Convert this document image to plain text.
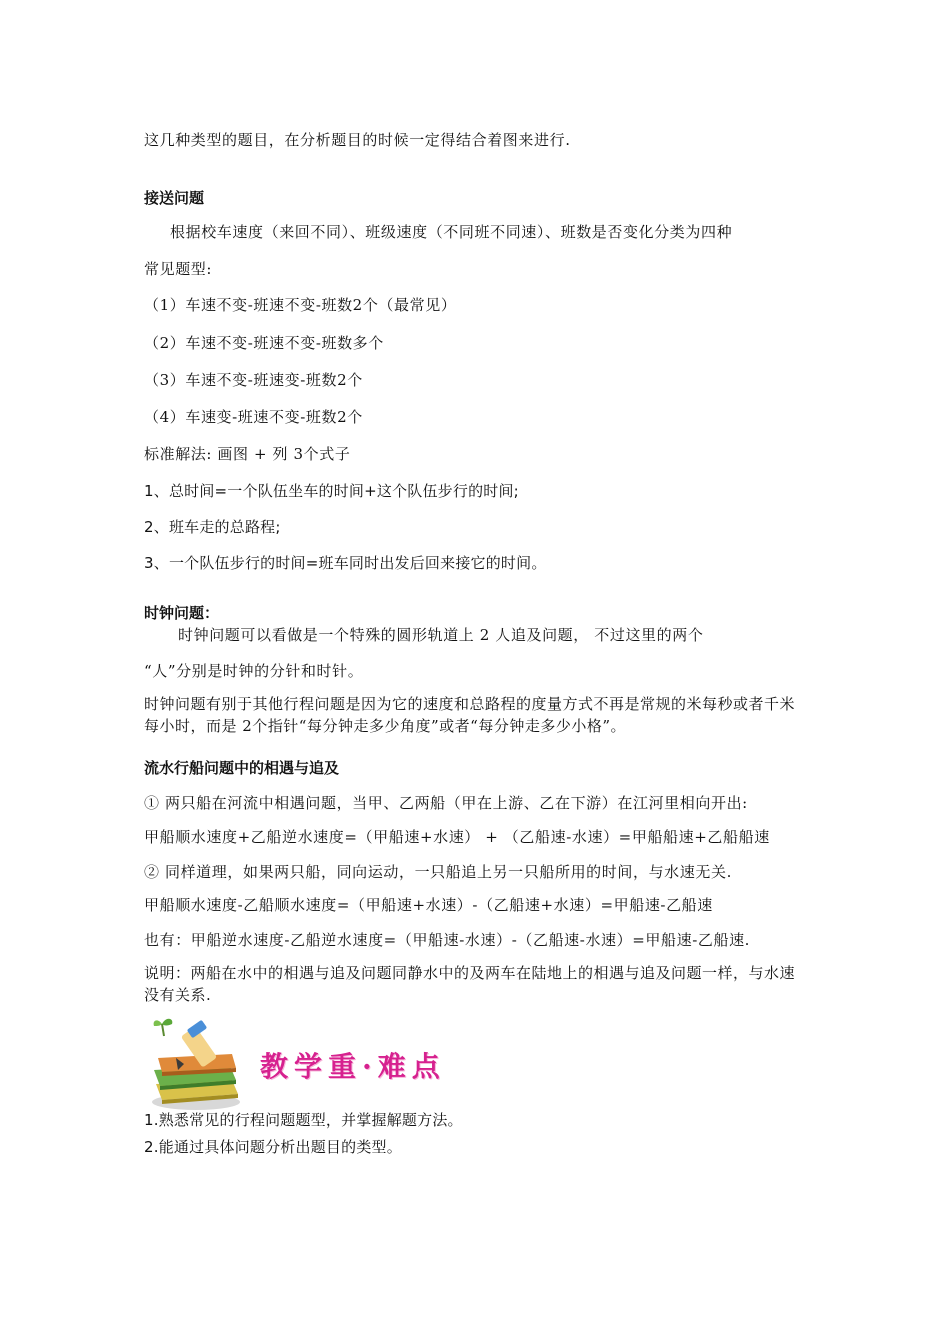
这几种类型的题目，在分析题目的时候一定得结合着图来进行.
接送问题
根据校车速度（来回不同）、班级速度（不同班不同速）、班数是否变化分类为四种
常见题型:
（1）车速不变-班速不变-班数2个（最常见）
（2）车速不变-班速不变-班数多个
（3）车速不变-班速变-班数2个
（4）车速变-班速不变-班数2个
标准解法: 画图 + 列 3个式子
1、总时间=一个队伍坐车的时间+这个队伍步行的时间;
2、班车走的总路程;
3、一个队伍步行的时间=班车同时出发后回来接它的时间。
时钟问题：
时钟问题可以看做是一个特殊的圆形轨道上 2 人追及问题， 不过这里的两个
“人”分别是时钟的分针和时针。
时钟问题有别于其他行程问题是因为它的速度和总路程的度量方式不再是常规的米每秒或者千米每小时，而是 2个指针“每分钟走多少角度”或者“每分钟走多少小格”。
流水行船问题中的相遇与追及
① 两只船在河流中相遇问题，当甲、乙两船（甲在上游、乙在下游）在江河里相向开出:
甲船顺水速度+乙船逆水速度=（甲船速+水速） + （乙船速-水速）=甲船船速+乙船船速
② 同样道理，如果两只船，同向运动，一只船追上另一只船所用的时间，与水速无关.
甲船顺水速度-乙船顺水速度=（甲船速+水速）-（乙船速+水速）=甲船速-乙船速
也有：甲船逆水速度-乙船逆水速度=（甲船速-水速）-（乙船速-水速）=甲船速-乙船速.
说明：两船在水中的相遇与追及问题同静水中的及两车在陆地上的相遇与追及问题一样，与水速没有关系.
教学重·难点
1.熟悉常见的行程问题题型，并掌握解题方法。
2.能通过具体问题分析出题目的类型。
